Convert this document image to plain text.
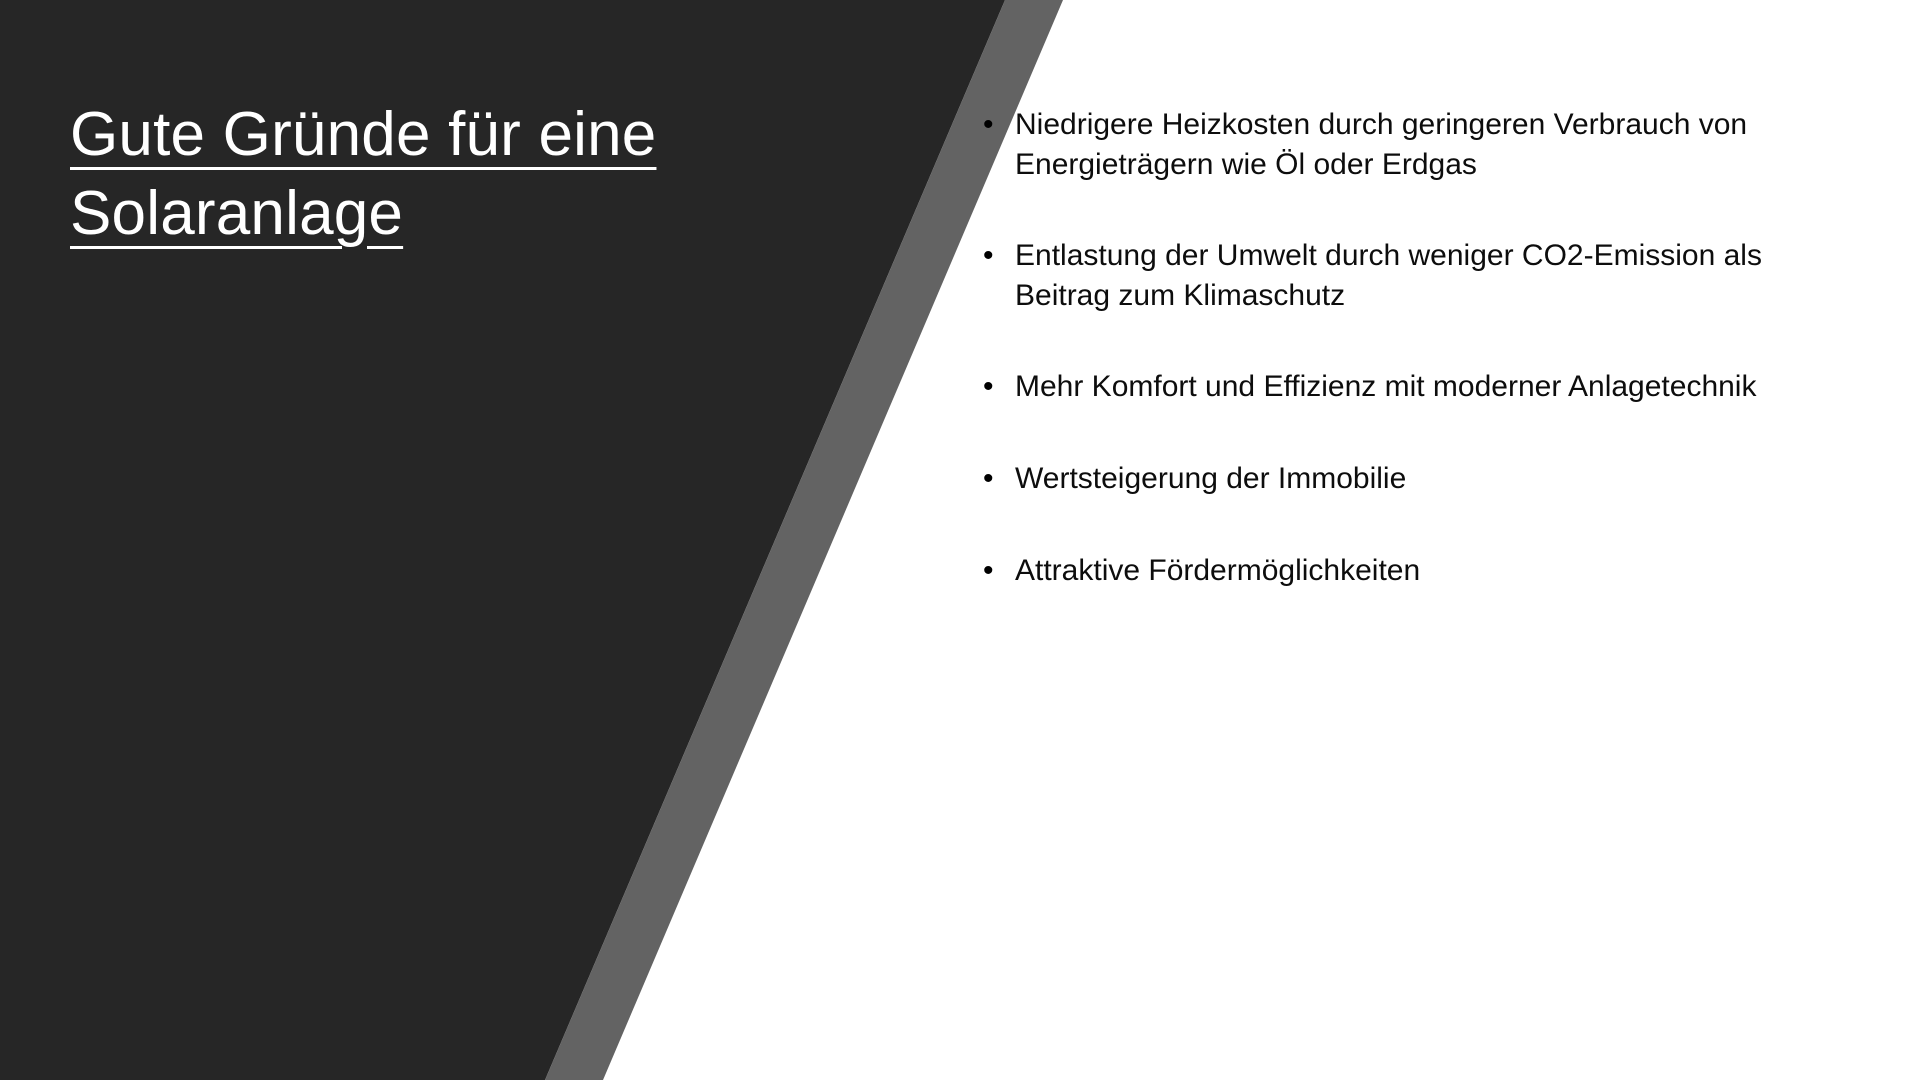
Gute Gründe für eine Solaranlage
• Niedrigere Heizkosten durch geringeren Verbrauch von Energieträgern wie Öl oder Erdgas
• Entlastung der Umwelt durch weniger CO2-Emission als Beitrag zum Klimaschutz
• Mehr Komfort und Effizienz mit moderner Anlagetechnik
• Wertsteigerung der Immobilie
• Attraktive Fördermöglichkeiten
